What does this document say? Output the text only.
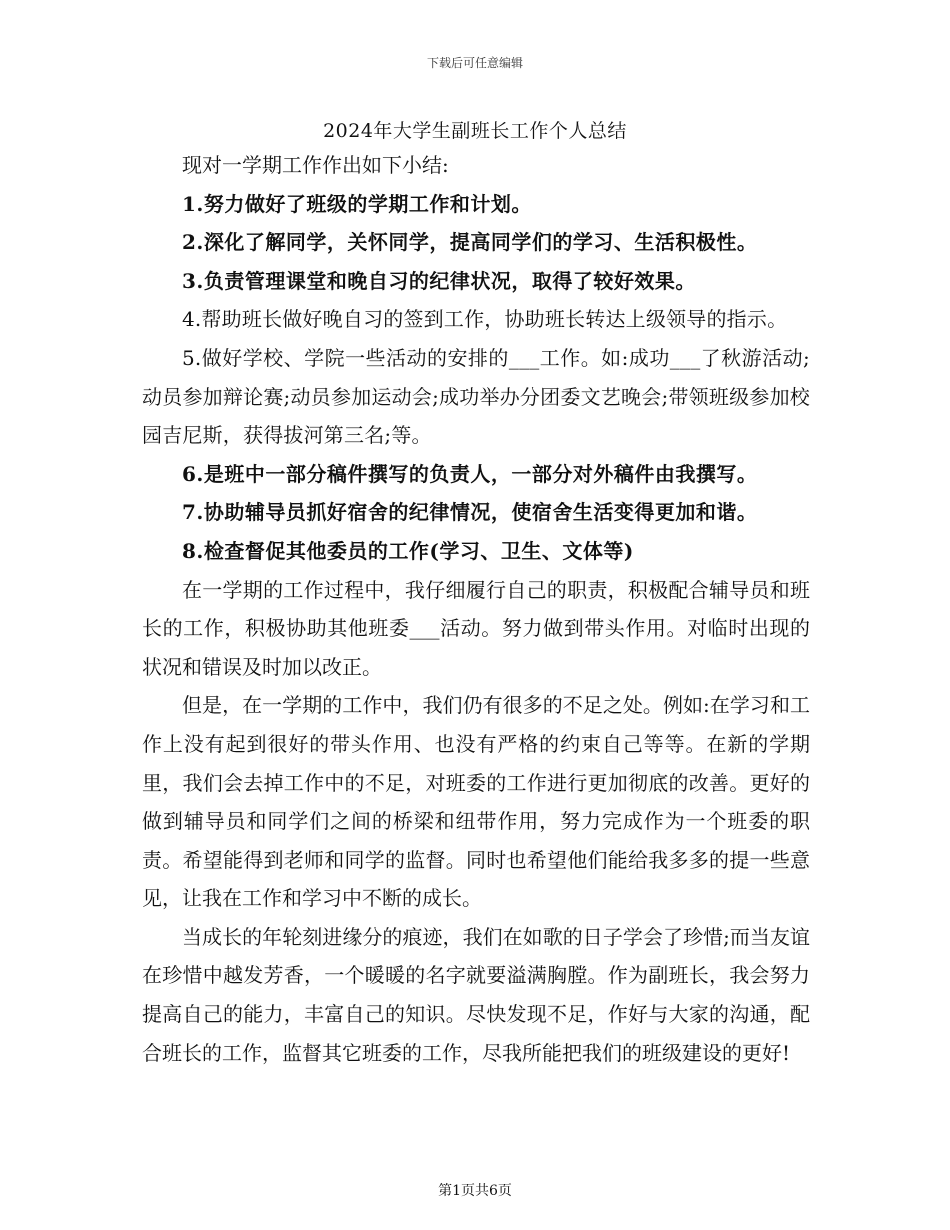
下载后可任意编辑
2024年大学生副班长工作个人总结

现对一学期工作作出如下小结:

1.努力做好了班级的学期工作和计划。

2.深化了解同学，关怀同学，提高同学们的学习、生活积极性。

3.负责管理课堂和晚自习的纪律状况，取得了较好效果。

4.帮助班长做好晚自习的签到工作，协助班长转达上级领导的指示。

5.做好学校、学院一些活动的安排的___工作。如:成功___了秋游活动;动员参加辩论赛;动员参加运动会;成功举办分团委文艺晚会;带领班级参加校园吉尼斯，获得拔河第三名;等。

6.是班中一部分稿件撰写的负责人，一部分对外稿件由我撰写。

7.协助辅导员抓好宿舍的纪律情况，使宿舍生活变得更加和谐。

8.检查督促其他委员的工作(学习、卫生、文体等)

在一学期的工作过程中，我仔细履行自己的职责，积极配合辅导员和班长的工作，积极协助其他班委___活动。努力做到带头作用。对临时出现的状况和错误及时加以改正。

但是，在一学期的工作中，我们仍有很多的不足之处。例如:在学习和工作上没有起到很好的带头作用、也没有严格的约束自己等等。在新的学期里，我们会去掉工作中的不足，对班委的工作进行更加彻底的改善。更好的做到辅导员和同学们之间的桥梁和纽带作用，努力完成作为一个班委的职责。希望能得到老师和同学的监督。同时也希望他们能给我多多的提一些意见，让我在工作和学习中不断的成长。

当成长的年轮刻进缘分的痕迹，我们在如歌的日子学会了珍惜;而当友谊在珍惜中越发芳香，一个暖暖的名字就要溢满胸膛。作为副班长，我会努力提高自己的能力，丰富自己的知识。尽快发现不足，作好与大家的沟通，配合班长的工作，监督其它班委的工作，尽我所能把我们的班级建设的更好!

第1页共6页
